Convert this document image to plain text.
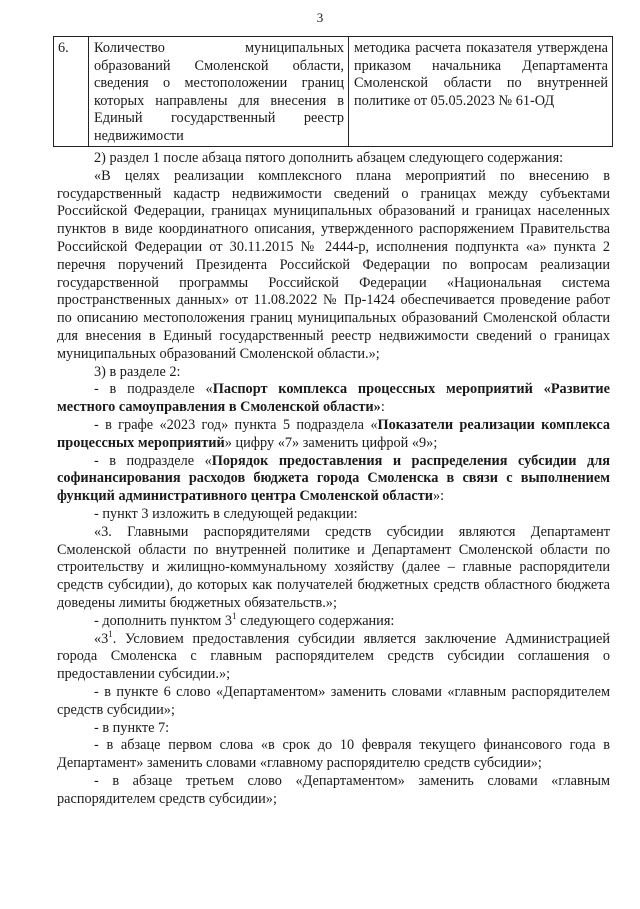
3
6.	Количество муниципальных образований Смоленской области, сведения о местоположении границ которых направлены для внесения в Единый государственный реестр недвижимости	методика расчета показателя утверждена приказом начальника Департамента Смоленской области по внутренней политике от 05.05.2023 № 61-ОД

2) раздел 1 после абзаца пятого дополнить абзацем следующего содержания:

«В целях реализации комплексного плана мероприятий по внесению в государственный кадастр недвижимости сведений о границах между субъектами Российской Федерации, границах муниципальных образований и границах населенных пунктов в виде координатного описания, утвержденного распоряжением Правительства Российской Федерации от 30.11.2015 № 2444-р, исполнения подпункта «а» пункта 2 перечня поручений Президента Российской Федерации по вопросам реализации государственной программы Российской Федерации «Национальная система пространственных данных» от 11.08.2022 № Пр-1424 обеспечивается проведение работ по описанию местоположения границ муниципальных образований Смоленской области для внесения в Единый государственный реестр недвижимости сведений о границах муниципальных образований Смоленской области.»;

3) в разделе 2:

- в подразделе «Паспорт комплекса процессных мероприятий «Развитие местного самоуправления в Смоленской области»:

- в графе «2023 год» пункта 5 подраздела «Показатели реализации комплекса процессных мероприятий» цифру «7» заменить цифрой «9»;

- в подразделе «Порядок предоставления и распределения субсидии для софинансирования расходов бюджета города Смоленска в связи с выполнением функций административного центра Смоленской области»:

- пункт 3 изложить в следующей редакции:

«3. Главными распорядителями средств субсидии являются Департамент Смоленской области по внутренней политике и Департамент Смоленской области по строительству и жилищно-коммунальному хозяйству (далее – главные распорядители средств субсидии), до которых как получателей бюджетных средств областного бюджета доведены лимиты бюджетных обязательств.»;

- дополнить пунктом $3^1$ следующего содержания:

«$3^1$. Условием предоставления субсидии является заключение Администрацией города Смоленска с главным распорядителем средств субсидии соглашения о предоставлении субсидии.»;

- в пункте 6 слово «Департаментом» заменить словами «главным распорядителем средств субсидии»;

- в пункте 7:

- в абзаце первом слова «в срок до 10 февраля текущего финансового года в Департамент» заменить словами «главному распорядителю средств субсидии»;

- в абзаце третьем слово «Департаментом» заменить словами «главным распорядителем средств субсидии»;
